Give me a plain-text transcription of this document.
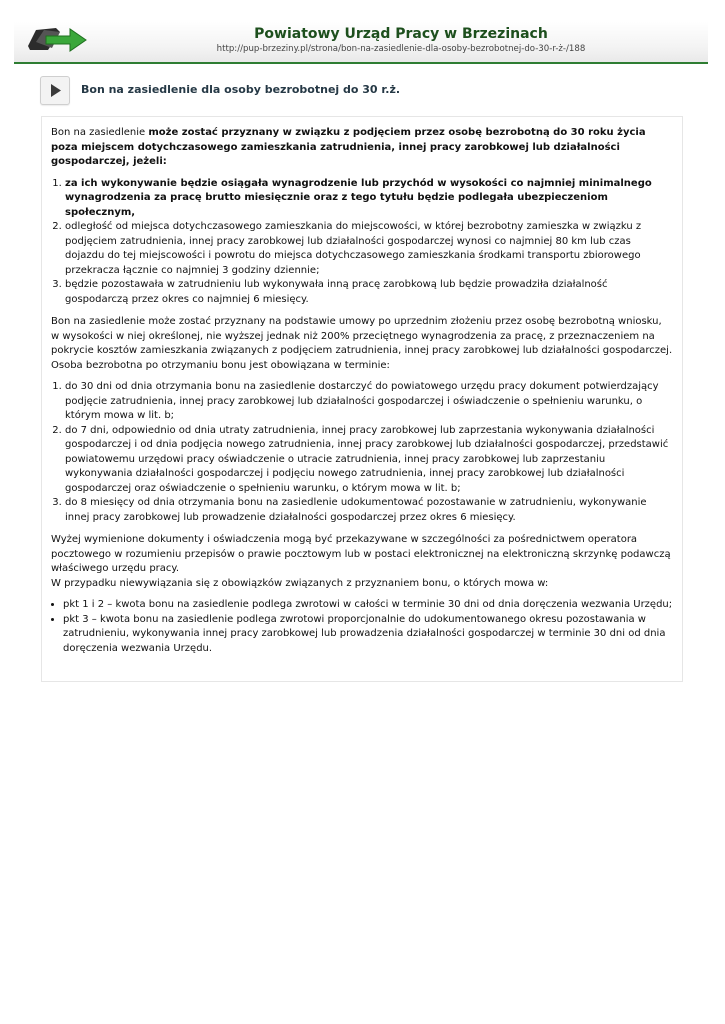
Powiatowy Urząd Pracy w Brzezinach
http://pup-brzeziny.pl/strona/bon-na-zasiedlenie-dla-osoby-bezrobotnej-do-30-r-ż-/188
Bon na zasiedlenie dla osoby bezrobotnej do 30 r.ż.

Bon na zasiedlenie może zostać przyznany w związku z podjęciem przez osobę bezrobotną do 30 roku życia poza miejscem dotychczasowego zamieszkania zatrudnienia, innej pracy zarobkowej lub działalności gospodarczej, jeżeli:

1. za ich wykonywanie będzie osiągała wynagrodzenie lub przychód w wysokości co najmniej minimalnego wynagrodzenia za pracę brutto miesięcznie oraz z tego tytułu będzie podlegała ubezpieczeniom społecznym,
2. odległość od miejsca dotychczasowego zamieszkania do miejscowości, w której bezrobotny zamieszka w związku z podjęciem zatrudnienia, innej pracy zarobkowej lub działalności gospodarczej wynosi co najmniej 80 km lub czas dojazdu do tej miejscowości i powrotu do miejsca dotychczasowego zamieszkania środkami transportu zbiorowego przekracza łącznie co najmniej 3 godziny dziennie;
3. będzie pozostawała w zatrudnieniu lub wykonywała inną pracę zarobkową lub będzie prowadziła działalność gospodarczą przez okres co najmniej 6 miesięcy.

Bon na zasiedlenie może zostać przyznany na podstawie umowy po uprzednim złożeniu przez osobę bezrobotną wniosku, w wysokości w niej określonej, nie wyższej jednak niż 200% przeciętnego wynagrodzenia za pracę, z przeznaczeniem na pokrycie kosztów zamieszkania związanych z podjęciem zatrudnienia, innej pracy zarobkowej lub działalności gospodarczej.

Osoba bezrobotna po otrzymaniu bonu jest obowiązana w terminie:

1. do 30 dni od dnia otrzymania bonu na zasiedlenie dostarczyć do powiatowego urzędu pracy dokument potwierdzający podjęcie zatrudnienia, innej pracy zarobkowej lub działalności gospodarczej i oświadczenie o spełnieniu warunku, o którym mowa w lit. b;
2. do 7 dni, odpowiednio od dnia utraty zatrudnienia, innej pracy zarobkowej lub zaprzestania wykonywania działalności gospodarczej i od dnia podjęcia nowego zatrudnienia, innej pracy zarobkowej lub działalności gospodarczej, przedstawić powiatowemu urzędowi pracy oświadczenie o utracie zatrudnienia, innej pracy zarobkowej lub zaprzestaniu wykonywania działalności gospodarczej i podjęciu nowego zatrudnienia, innej pracy zarobkowej lub działalności gospodarczej oraz oświadczenie o spełnieniu warunku, o którym mowa w lit. b;
3. do 8 miesięcy od dnia otrzymania bonu na zasiedlenie udokumentować pozostawanie w zatrudnieniu, wykonywanie innej pracy zarobkowej lub prowadzenie działalności gospodarczej przez okres 6 miesięcy.

Wyżej wymienione dokumenty i oświadczenia mogą być przekazywane w szczególności za pośrednictwem operatora pocztowego w rozumieniu przepisów o prawie pocztowym lub w postaci elektronicznej na elektroniczną skrzynkę podawczą właściwego urzędu pracy.

W przypadku niewywiązania się z obowiązków związanych z przyznaniem bonu, o których mowa w:

• pkt 1 i 2 – kwota bonu na zasiedlenie podlega zwrotowi w całości w terminie 30 dni od dnia doręczenia wezwania Urzędu;
• pkt 3 – kwota bonu na zasiedlenie podlega zwrotowi proporcjonalnie do udokumentowanego okresu pozostawania w zatrudnieniu, wykonywania innej pracy zarobkowej lub prowadzenia działalności gospodarczej w terminie 30 dni od dnia doręczenia wezwania Urzędu.
